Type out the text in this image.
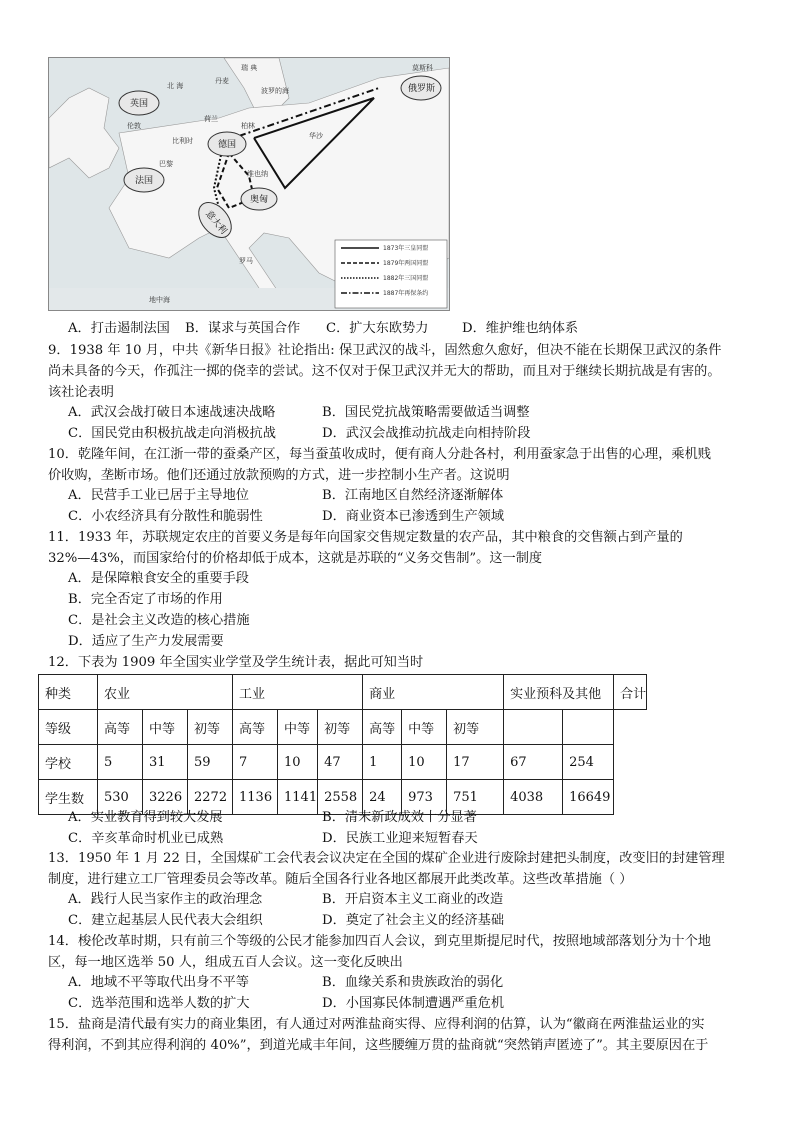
英国
法国
德国
俄罗斯
奥匈
意大利
瑞 典
波罗的海
莫斯科
北 海
丹麦
荷兰
比利时
伦敦	柏林
华沙
巴黎
维也纳
罗马
地中海
1873年三皇同盟
1879年两国同盟
1882年三国同盟
1887年再保条约
A．打击遏制法国 B．谋求与英国合作 C．扩大东欧势力	D．维护维也纳体系
9．1938 年 10 月，中共《新华日报》社论指出: 保卫武汉的战斗，固然愈久愈好，但决不能在长期保卫武汉的条件
尚未具备的今天，作孤注一掷的侥幸的尝试。这不仅对于保卫武汉并无大的帮助，而且对于继续长期抗战是有害的。
该社论表明
A．武汉会战打破日本速战速决战略	B．国民党抗战策略需要做适当调整
C．国民党由积极抗战走向消极抗战	D．武汉会战推动抗战走向相持阶段
10．乾隆年间，在江浙一带的蚕桑产区，每当蚕茧收成时，便有商人分赴各村，利用蚕家急于出售的心理，乘机贱
价收购，垄断市场。他们还通过放款预购的方式，进一步控制小生产者。这说明
A．民营手工业已居于主导地位	B．江南地区自然经济逐渐解体
C．小农经济具有分散性和脆弱性	D．商业资本已渗透到生产领域
11．1933 年，苏联规定农庄的首要义务是每年向国家交售规定数量的农产品，其中粮食的交售额占到产量的
32%—43%，而国家给付的价格却低于成本，这就是苏联的“义务交售制”。这一制度
A．是保障粮食安全的重要手段
B．完全否定了市场的作用
C．是社会主义改造的核心措施
D．适应了生产力发展需要
12．下表为 1909 年全国实业学堂及学生统计表，据此可知当时
种类	农业			工业			商业			实业预科及其他		合计
等级	高等	中等	初等	高等	中等	初等	高等	中等	初等			
学校	5	31	59	7	10	47	1	10	17	67	254	
学生数	530	3226	2272	1136	1141	2558	24	973	751	4038	16649	
A．实业教育得到较大发展	B．清末新政成效十分显著
C．辛亥革命时机业已成熟	D．民族工业迎来短暂春天
13．1950 年 1 月 22 日，全国煤矿工会代表会议决定在全国的煤矿企业进行废除封建把头制度，改变旧的封建管理
制度，进行建立工厂管理委员会等改革。随后全国各行业各地区都展开此类改革。这些改革措施（ ）
A．践行人民当家作主的政治理念	B．开启资本主义工商业的改造
C．建立起基层人民代表大会组织	D．奠定了社会主义的经济基础
14．梭伦改革时期，只有前三个等级的公民才能参加四百人会议，到克里斯提尼时代，按照地域部落划分为十个地
区，每一地区选举 50 人，组成五百人会议。这一变化反映出
A．地域不平等取代出身不平等	B．血缘关系和贵族政治的弱化
C．选举范围和选举人数的扩大	D．小国寡民体制遭遇严重危机
15．盐商是清代最有实力的商业集团，有人通过对两淮盐商实得、应得利润的估算，认为“徽商在两淮盐运业的实
得利润，不到其应得利润的 40%”，到道光咸丰年间，这些腰缠万贯的盐商就“突然销声匿迹了”。其主要原因在于
